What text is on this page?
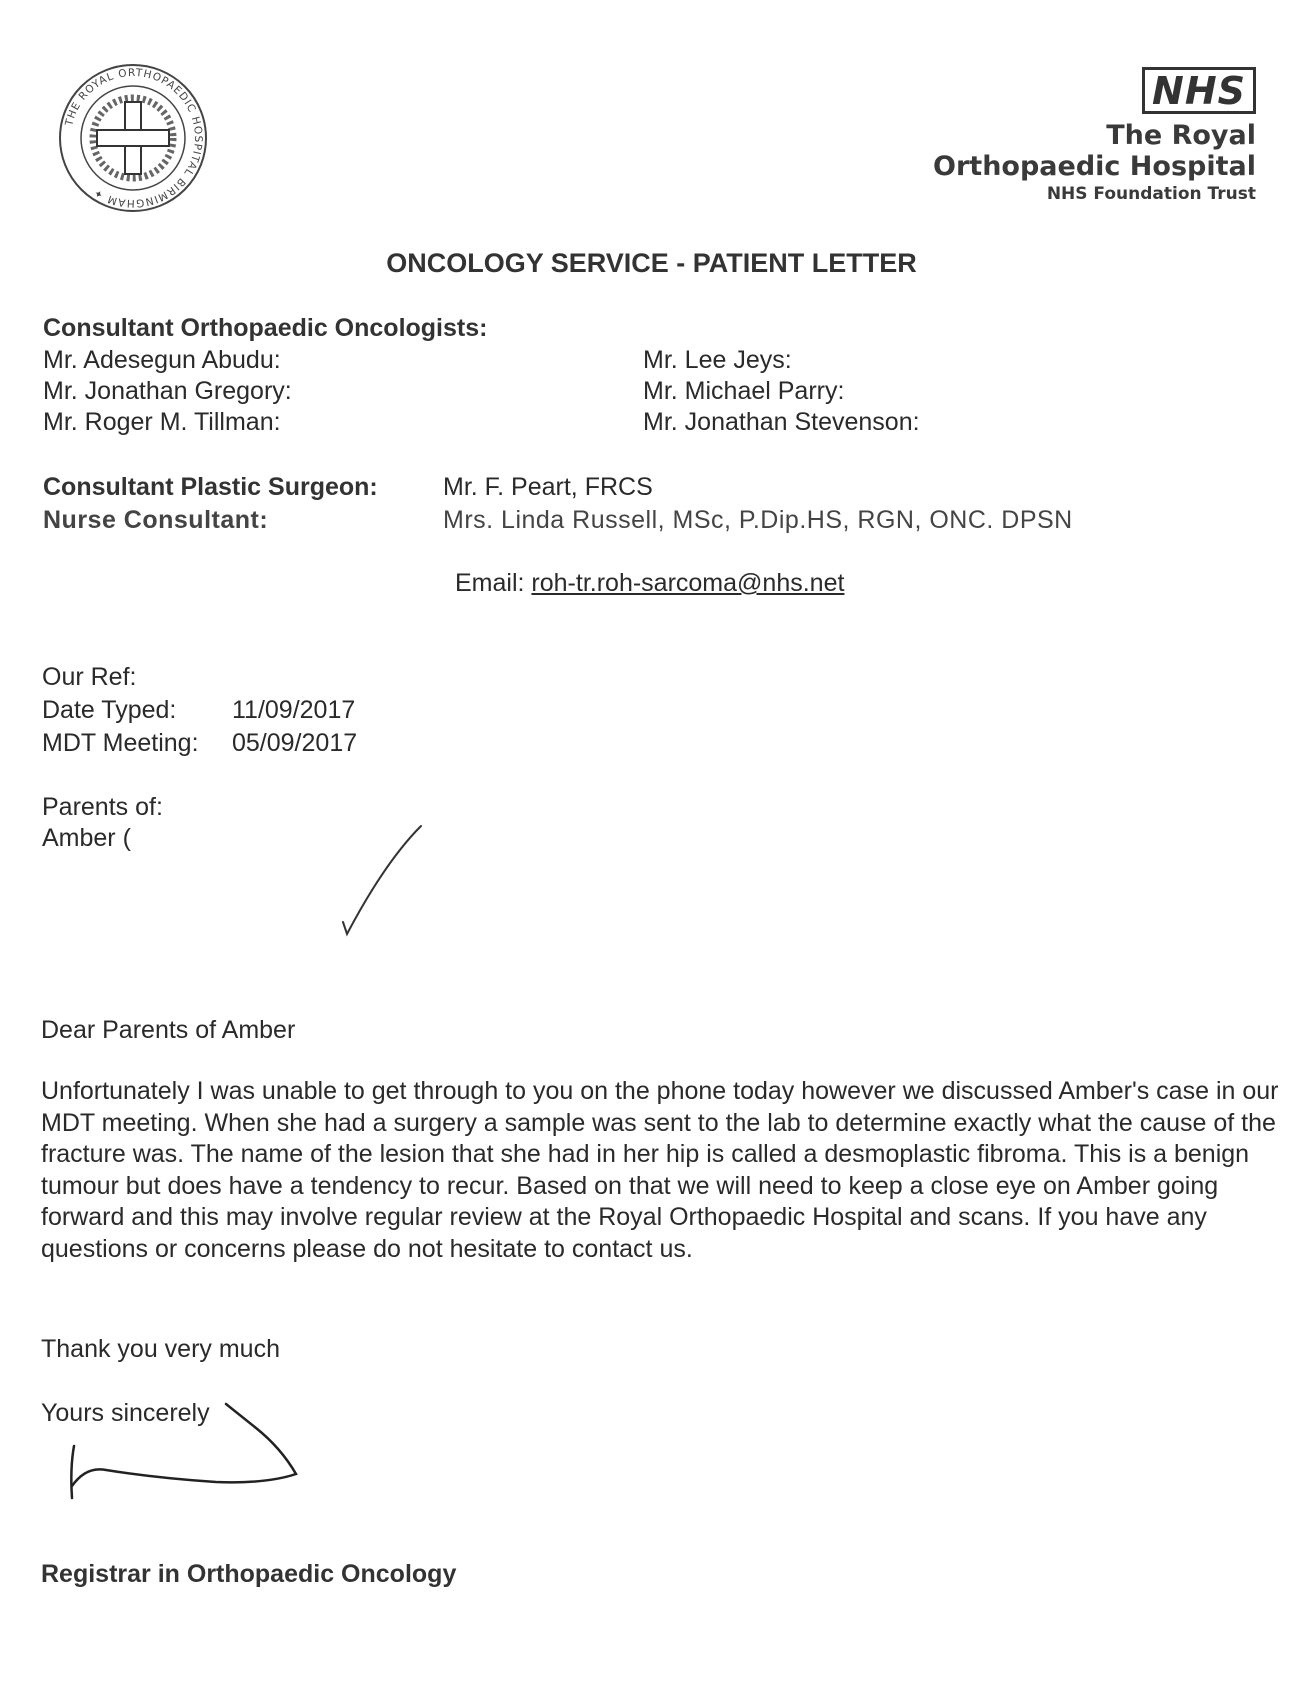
THE ROYAL ORTHOPAEDIC HOSPITAL BIRMINGHAM ✦
NHS
The Royal
Orthopaedic Hospital
NHS Foundation Trust
ONCOLOGY SERVICE - PATIENT LETTER
Consultant Orthopaedic Oncologists:
Mr. Adesegun Abudu:
Mr. Jonathan Gregory:
Mr. Roger M. Tillman:
Mr. Lee Jeys:
Mr. Michael Parry:
Mr. Jonathan Stevenson:
Consultant Plastic Surgeon:	Mr. F. Peart, FRCS
Nurse Consultant:	Mrs. Linda Russell, MSc, P.Dip.HS, RGN, ONC. DPSN
Email: roh-tr.roh-sarcoma@nhs.net
Our Ref:
Date Typed: 11/09/2017
MDT Meeting: 05/09/2017
Parents of:
Amber (
Dear Parents of Amber
Unfortunately I was unable to get through to you on the phone today however we discussed Amber's case in our MDT meeting. When she had a surgery a sample was sent to the lab to determine exactly what the cause of the fracture was. The name of the lesion that she had in her hip is called a desmoplastic fibroma. This is a benign tumour but does have a tendency to recur. Based on that we will need to keep a close eye on Amber going forward and this may involve regular review at the Royal Orthopaedic Hospital and scans. If you have any questions or concerns please do not hesitate to contact us.
Thank you very much
Yours sincerely
Registrar in Orthopaedic Oncology
